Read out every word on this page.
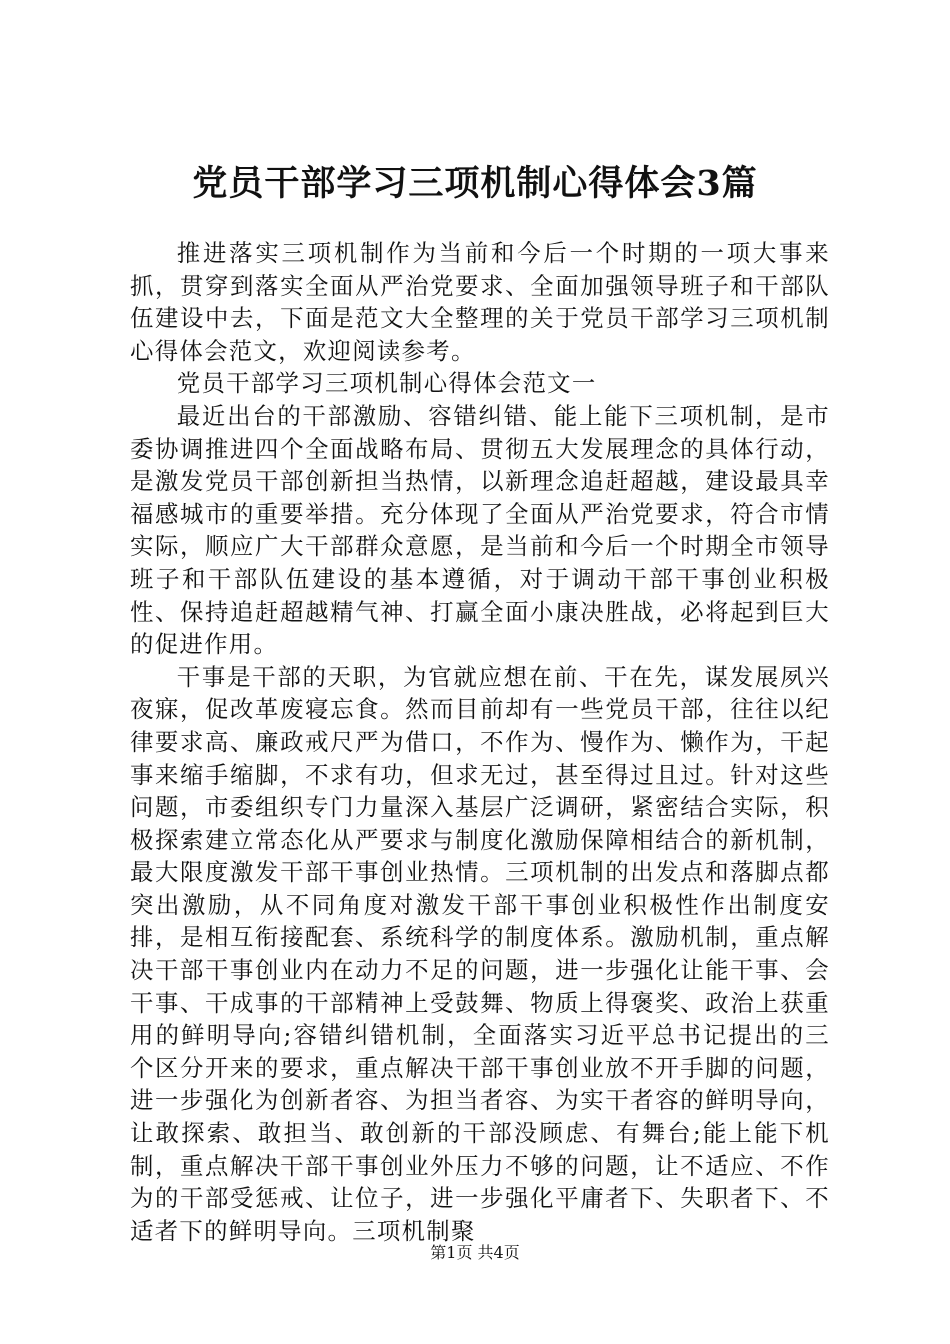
党员干部学习三项机制心得体会3篇

推进落实三项机制作为当前和今后一个时期的一项大事来抓，贯穿到落实全面从严治党要求、全面加强领导班子和干部队伍建设中去，下面是范文大全整理的关于党员干部学习三项机制心得体会范文，欢迎阅读参考。

党员干部学习三项机制心得体会范文一

最近出台的干部激励、容错纠错、能上能下三项机制，是市委协调推进四个全面战略布局、贯彻五大发展理念的具体行动，是激发党员干部创新担当热情，以新理念追赶超越，建设最具幸福感城市的重要举措。充分体现了全面从严治党要求，符合市情实际，顺应广大干部群众意愿，是当前和今后一个时期全市领导班子和干部队伍建设的基本遵循，对于调动干部干事创业积极性、保持追赶超越精气神、打赢全面小康决胜战，必将起到巨大的促进作用。

干事是干部的天职，为官就应想在前、干在先，谋发展夙兴夜寐，促改革废寝忘食。然而目前却有一些党员干部，往往以纪律要求高、廉政戒尺严为借口，不作为、慢作为、懒作为，干起事来缩手缩脚，不求有功，但求无过，甚至得过且过。针对这些问题，市委组织专门力量深入基层广泛调研，紧密结合实际，积极探索建立常态化从严要求与制度化激励保障相结合的新机制，最大限度激发干部干事创业热情。三项机制的出发点和落脚点都突出激励，从不同角度对激发干部干事创业积极性作出制度安排，是相互衔接配套、系统科学的制度体系。激励机制，重点解决干部干事创业内在动力不足的问题，进一步强化让能干事、会干事、干成事的干部精神上受鼓舞、物质上得褒奖、政治上获重用的鲜明导向;容错纠错机制，全面落实习近平总书记提出的三个区分开来的要求，重点解决干部干事创业放不开手脚的问题，进一步强化为创新者容、为担当者容、为实干者容的鲜明导向，让敢探索、敢担当、敢创新的干部没顾虑、有舞台;能上能下机制，重点解决干部干事创业外压力不够的问题，让不适应、不作为的干部受惩戒、让位子，进一步强化平庸者下、失职者下、不适者下的鲜明导向。三项机制聚

第1页 共4页
